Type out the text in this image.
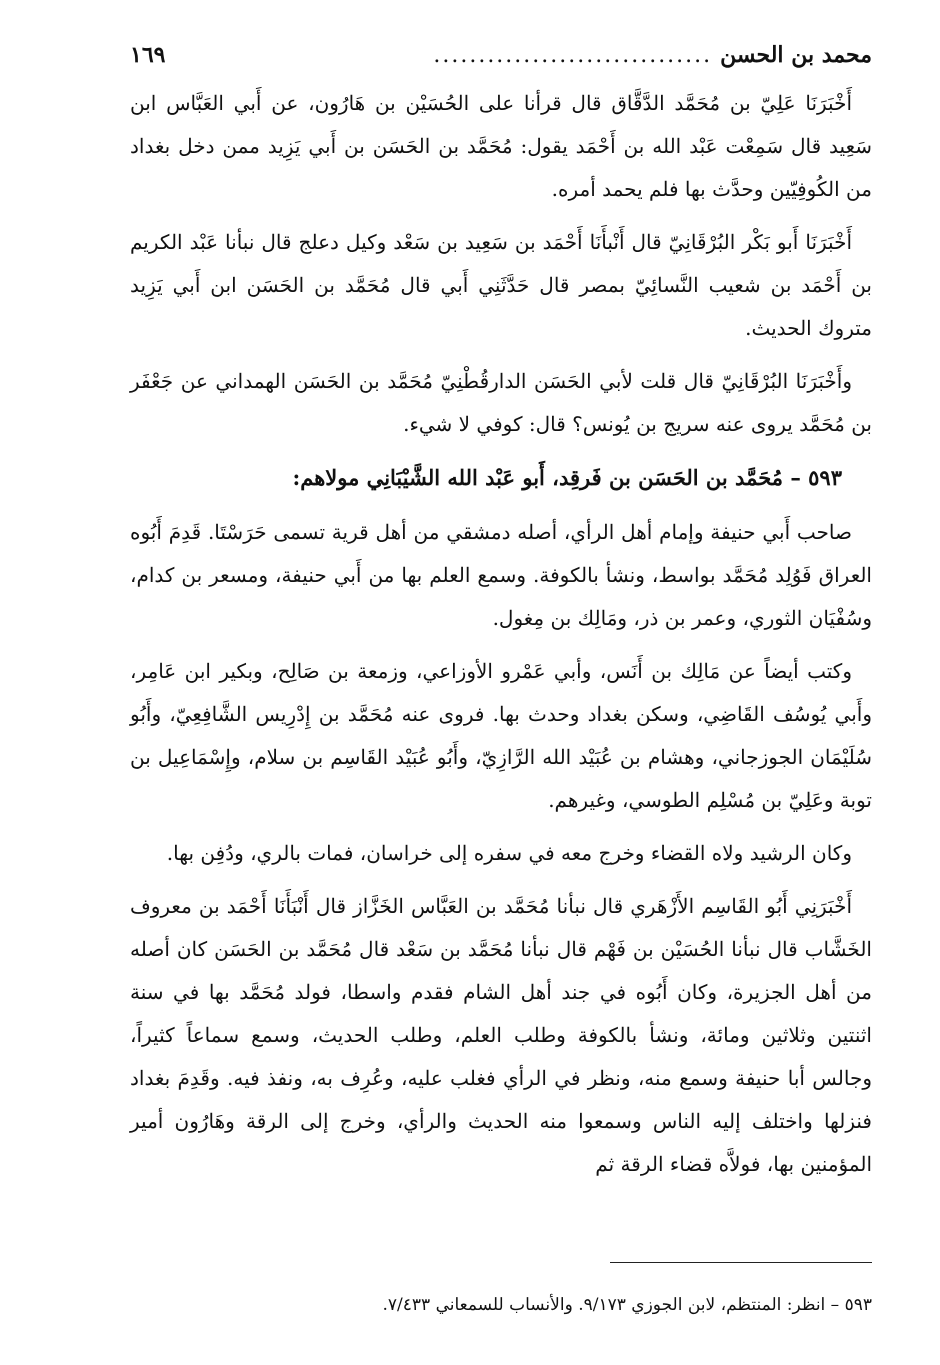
محمد بن الحسن
...............................
١٦٩

أَخْبَرَنَا عَلِيّ بن مُحَمَّد الدَّقَّاق قال قرأنا على الحُسَيْن بن هَارُون، عن أَبي العَبَّاس ابن سَعِيد قال سَمِعْت عَبْد الله بن أَحْمَد يقول: مُحَمَّد بن الحَسَن بن أَبي يَزِيد ممن دخل بغداد من الكُوفِيّين وحدَّث بها فلم يحمد أمره.

أَخْبَرَنَا أَبو بَكْر البُرْقَانِيّ قال أَنْبأَنَا أَحْمَد بن سَعِيد بن سَعْد وكيل دعلج قال نبأنا عَبْد الكريم بن أَحْمَد بن شعيب النَّسائِيّ بمصر قال حَدَّثَنِي أَبي قال مُحَمَّد بن الحَسَن ابن أَبي يَزِيد متروك الحديث.

وأَخْبَرَنَا البُرْقَانِيّ قال قلت لأبي الحَسَن الدارقُطْنِيّ مُحَمَّد بن الحَسَن الهمداني عن جَعْفَر بن مُحَمَّد يروى عنه سريج بن يُونس؟ قال: كوفي لا شيء.

٥٩٣ – مُحَمَّد بن الحَسَن بن فَرقِد، أَبو عَبْد الله الشَّيْبَانِي مولاهم:

صاحب أَبي حنيفة وإمام أهل الرأي، أصله دمشقي من أهل قرية تسمى حَرَسْتَا. قَدِمَ أَبُوه العراق فَوُلِد مُحَمَّد بواسط، ونشأ بالكوفة. وسمع العلم بها من أَبي حنيفة، ومسعر بن كدام، وسُفْيَان الثوري، وعمر بن ذر، ومَالِك بن مِغول.

وكتب أيضاً عن مَالِك بن أَنَس، وأبي عَمْرو الأوزاعي، وزمعة بن صَالِح، وبكير ابن عَامِر، وأَبي يُوسُف القَاضِي، وسكن بغداد وحدث بها. فروى عنه مُحَمَّد بن إِدْرِيس الشَّافِعِيّ، وأَبُو سُلَيْمَان الجوزجاني، وهشام بن عُبَيْد الله الرَّازِيّ، وأَبُو عُبَيْد القَاسِم بن سلام، وإِسْمَاعِيل بن توبة وعَلِيّ بن مُسْلِم الطوسي، وغيرهم.

وكان الرشيد ولاه القضاء وخرج معه في سفره إلى خراسان، فمات بالري، ودُفِن بها.

أَخْبَرَنِي أَبُو القَاسِم الأَزْهَري قال نبأنا مُحَمَّد بن العَبَّاس الخَزَّاز قال أَنْبَأَنَا أَحْمَد بن معروف الخَشَّاب قال نبأنا الحُسَيْن بن فَهْم قال نبأنا مُحَمَّد بن سَعْد قال مُحَمَّد بن الحَسَن كان أصله من أهل الجزيرة، وكان أَبُوه في جند أهل الشام فقدم واسطا، فولد مُحَمَّد بها في سنة اثنتين وثلاثين ومائة، ونشأ بالكوفة وطلب العلم، وطلب الحديث، وسمع سماعاً كثيراً، وجالس أبا حنيفة وسمع منه، ونظر في الرأي فغلب عليه، وعُرِف به، ونفذ فيه. وقَدِمَ بغداد فنزلها واختلف إليه الناس وسمعوا منه الحديث والرأي، وخرج إلى الرقة وهَارُون أمير المؤمنين بها، فولاَّه قضاء الرقة ثم

٥٩٣ – انظر: المنتظم، لابن الجوزي ٩/١٧٣. والأنساب للسمعاني ٧/٤٣٣.
